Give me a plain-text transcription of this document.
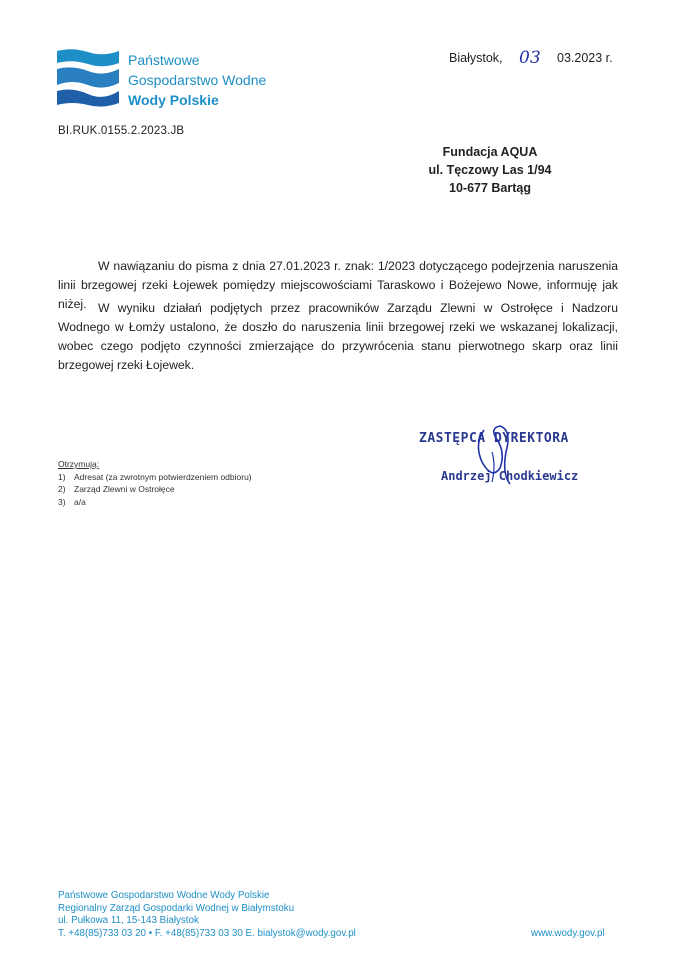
Państwowe
Gospodarstwo Wodne
Wody Polskie
Białystok, 03 03.2023 r.
BI.RUK.0155.2.2023.JB
Fundacja AQUA
ul. Tęczowy Las 1/94
10-677 Bartąg
W nawiązaniu do pisma z dnia 27.01.2023 r. znak: 1/2023 dotyczącego podejrzenia naruszenia linii brzegowej rzeki Łojewek pomiędzy miejscowościami Taraskowo i Bożejewo Nowe, informuję jak niżej. W wyniku działań podjętych przez pracowników Zarządu Zlewni w Ostrołęce i Nadzoru Wodnego w Łomży ustalono, że doszło do naruszenia linii brzegowej rzeki we wskazanej lokalizacji, wobec czego podjęto czynności zmierzające do przywrócenia stanu pierwotnego skarp oraz linii brzegowej rzeki Łojewek.
ZASTĘPCA DYREKTORA
Andrzej Chodkiewicz
Otrzymują:
1) Adresat (za zwrotnym potwierdzeniem odbioru)
2) Zarząd Zlewni w Ostrołęce
3) a/a
Państwowe Gospodarstwo Wodne Wody Polskie
Regionalny Zarząd Gospodarki Wodnej w Białymstoku
ul. Pułkowa 11, 15-143 Białystok
T. +48(85)733 03 20 • F. +48(85)733 03 30 E. bialystok@wody.gov.pl	www.wody.gov.pl
